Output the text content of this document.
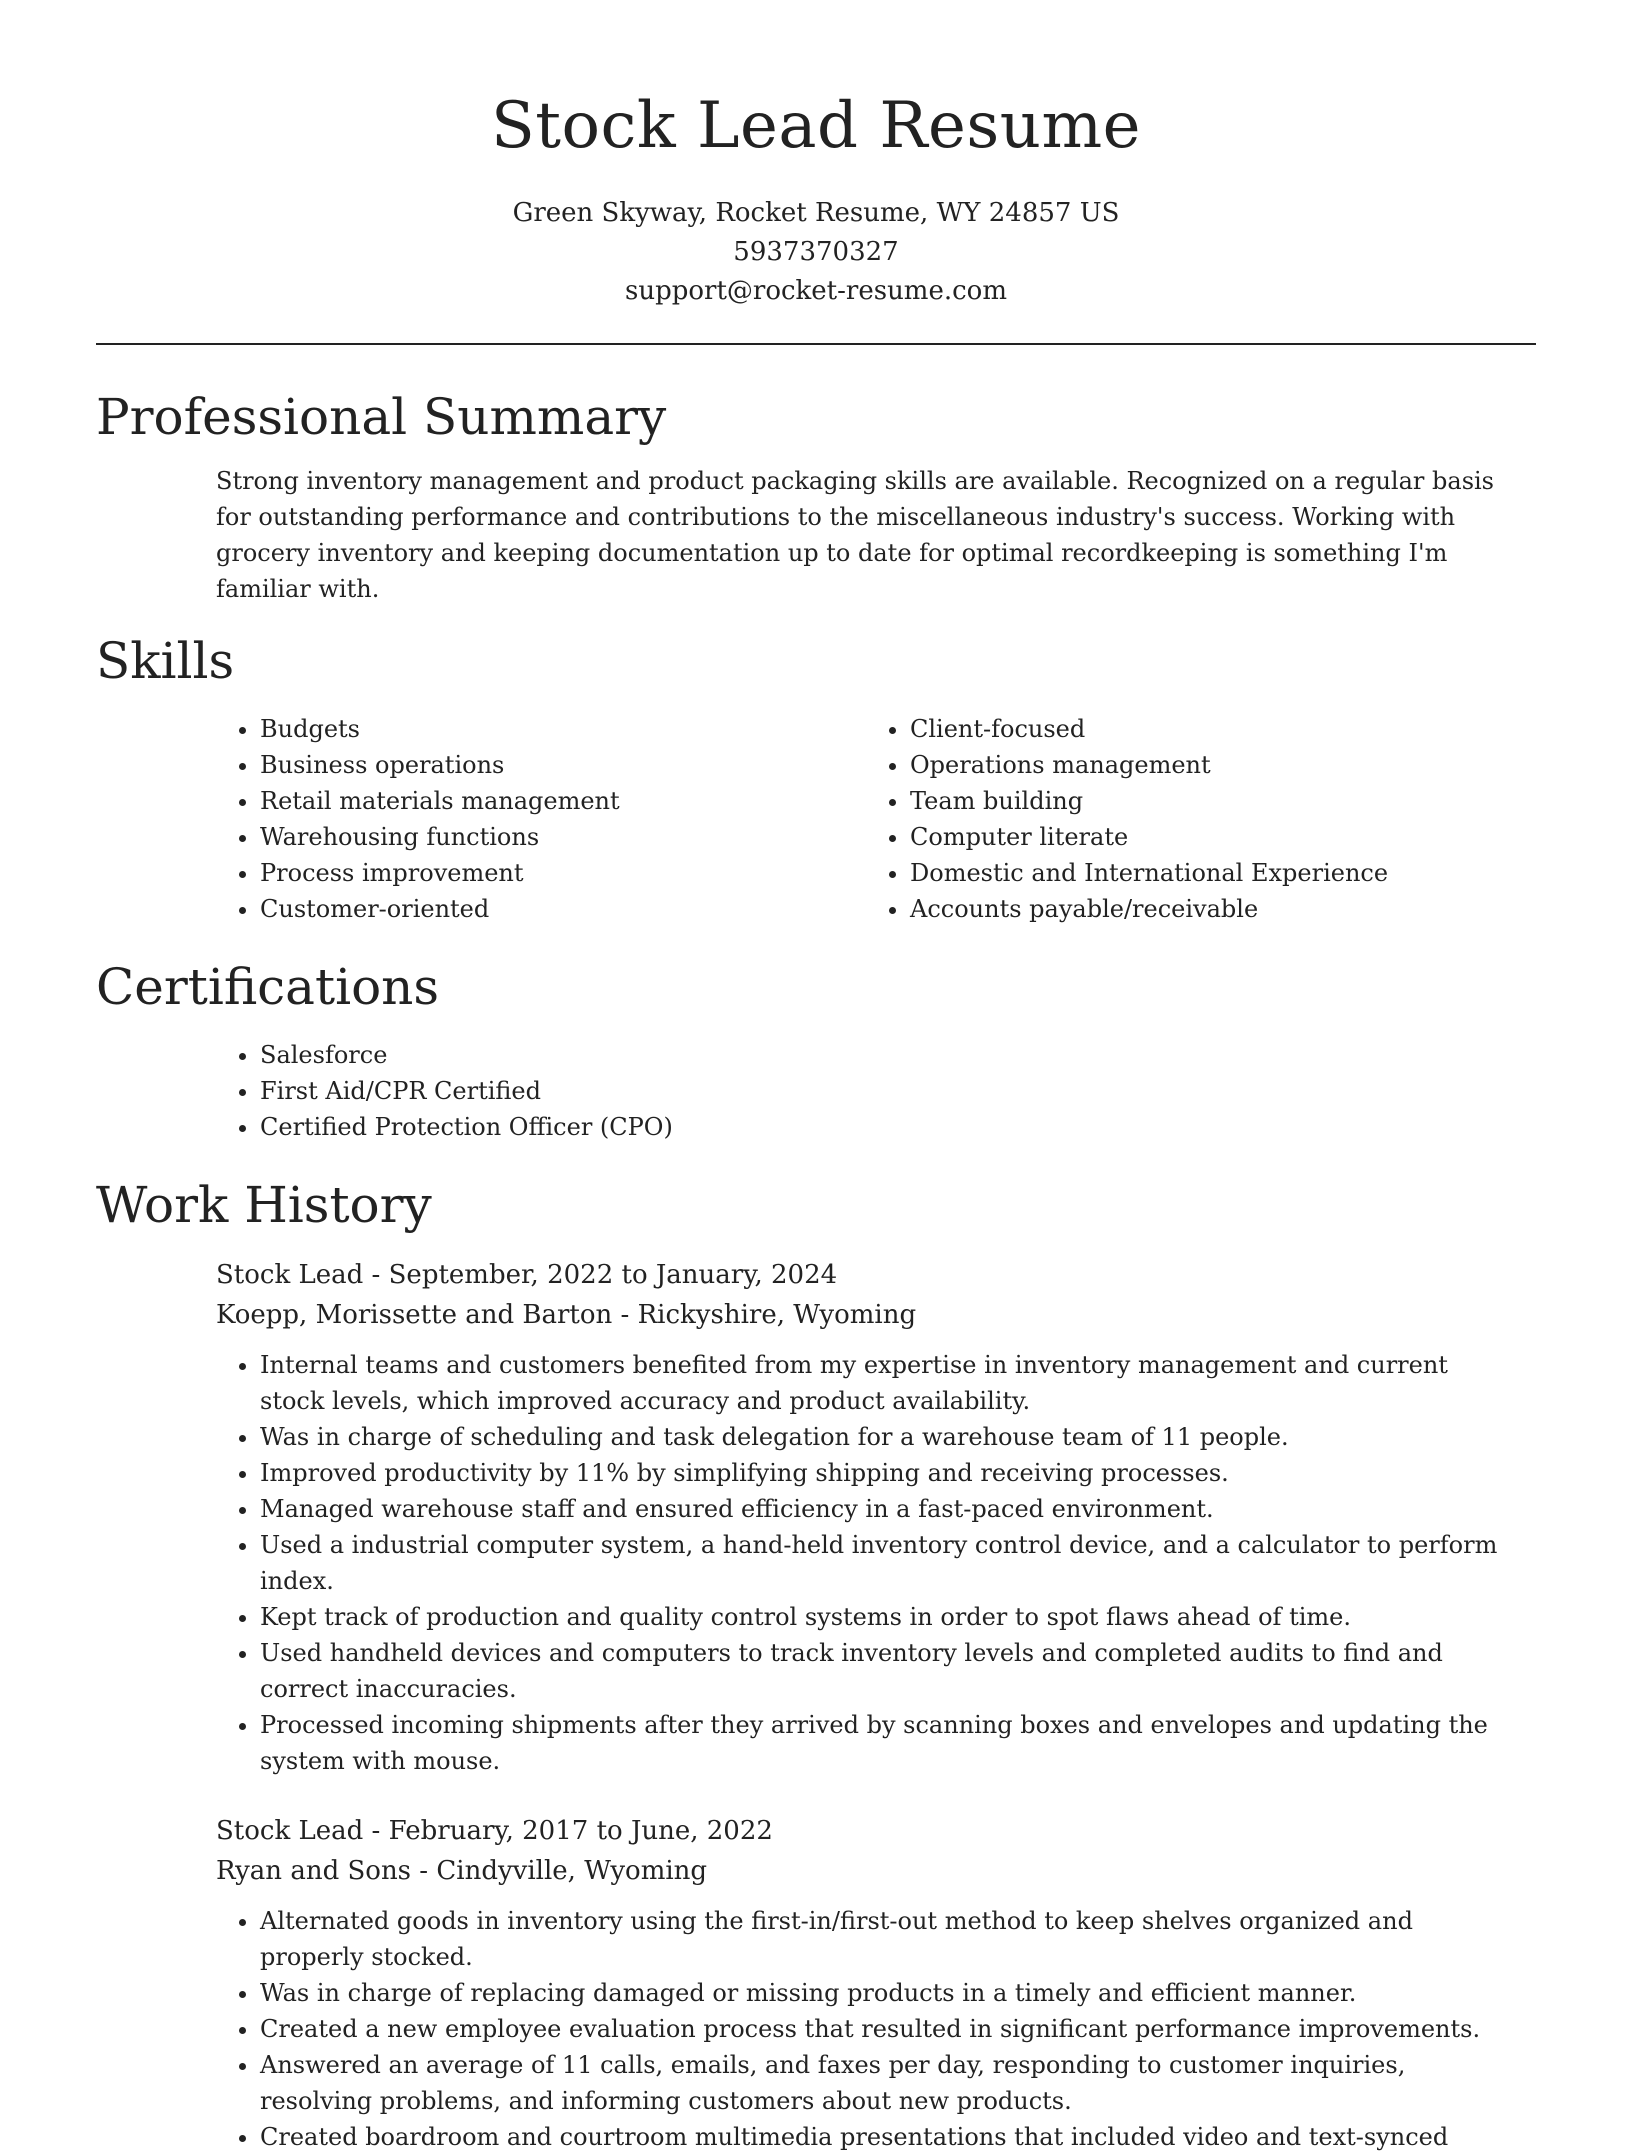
Stock Lead Resume
Green Skyway, Rocket Resume, WY 24857 US
5937370327
support@rocket-resume.com
Professional Summary

Strong inventory management and product packaging skills are available. Recognized on a regular basis for outstanding performance and contributions to the miscellaneous industry's success. Working with grocery inventory and keeping documentation up to date for optimal recordkeeping is something I'm familiar with.

Skills
• Budgets
• Business operations
• Retail materials management
• Warehousing functions
• Process improvement
• Customer-oriented
• Client-focused
• Operations management
• Team building
• Computer literate
• Domestic and International Experience
• Accounts payable/receivable
Certifications
• Salesforce
• First Aid/CPR Certified
• Certified Protection Officer (CPO)
Work History
Stock Lead - September, 2022 to January, 2024
Koepp, Morissette and Barton - Rickyshire, Wyoming
• Internal teams and customers benefited from my expertise in inventory management and current stock levels, which improved accuracy and product availability.
• Was in charge of scheduling and task delegation for a warehouse team of 11 people.
• Improved productivity by 11% by simplifying shipping and receiving processes.
• Managed warehouse staff and ensured efficiency in a fast-paced environment.
• Used a industrial computer system, a hand-held inventory control device, and a calculator to perform index.
• Kept track of production and quality control systems in order to spot flaws ahead of time.
• Used handheld devices and computers to track inventory levels and completed audits to find and correct inaccuracies.
• Processed incoming shipments after they arrived by scanning boxes and envelopes and updating the system with mouse.
Stock Lead - February, 2017 to June, 2022
Ryan and Sons - Cindyville, Wyoming
• Alternated goods in inventory using the first-in/first-out method to keep shelves organized and properly stocked.
• Was in charge of replacing damaged or missing products in a timely and efficient manner.
• Created a new employee evaluation process that resulted in significant performance improvements.
• Answered an average of 11 calls, emails, and faxes per day, responding to customer inquiries, resolving problems, and informing customers about new products.
• Created boardroom and courtroom multimedia presentations that included video and text-synced
